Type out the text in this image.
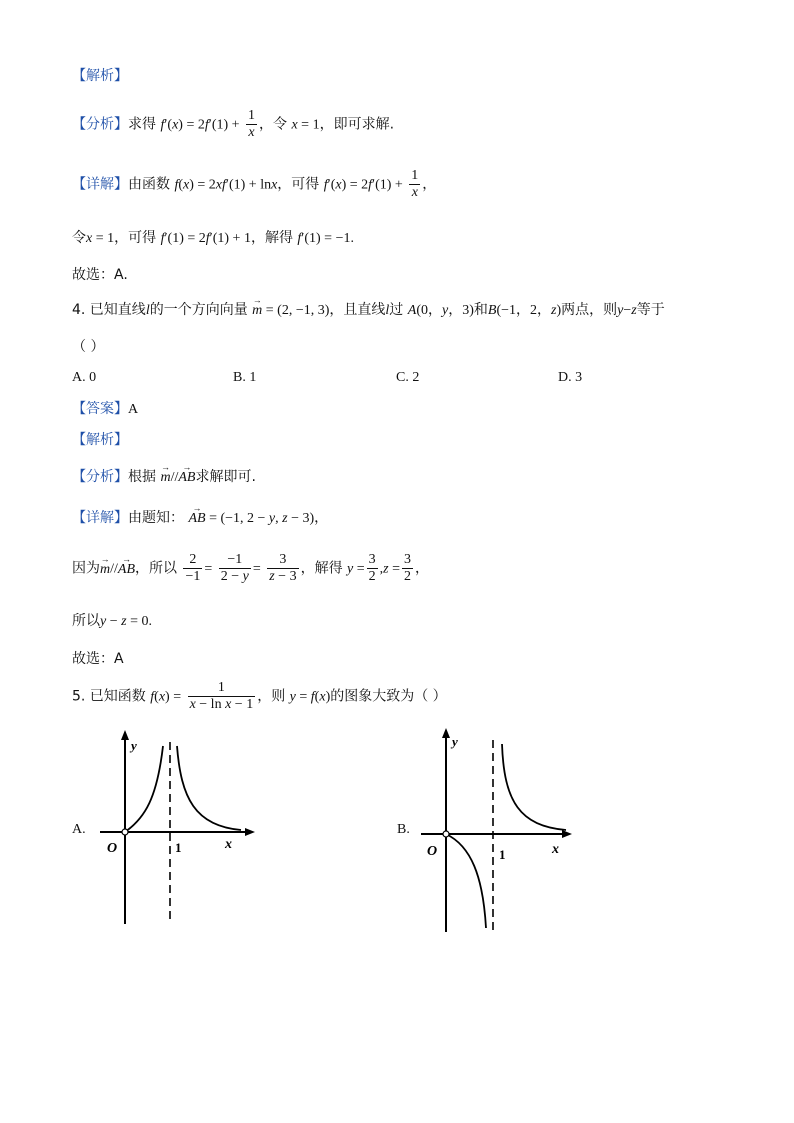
【解析】
【分析】求得 $f'(x) = 2f'(1) + \frac{1}{x}$ ，令 x = 1，即可求解.
【详解】由函数 f(x) = 2xf′(1) + lnx，可得 $f'(x) = 2f'(1) + \frac{1}{x}$ ，
令x = 1，可得 f′(1) = 2f′(1) + 1，解得 f′(1) = −1.
故选：A.
4. 已知直线l的一个方向向量 → m = (2, −1, 3)，且直线l过 A(0，y，3)和B(−1，2，z)两点，则y−z等于
（ ）
A. 0	B. 1	C. 2	D. 3
【答案】A
【解析】
【分析】根据 → m//→ AB求解即可.
【详解】由题知： → AB = (−1, 2 − y, z − 3)，
因为→ m//→ AB，所以 $\frac{2}{-1} = \frac{-1}{2 - y} = \frac{3}{z - 3}$ ，解得 $y = \frac{3}{2} ,z = \frac{3}{2}$ ，
所以y − z = 0.
故选：A
5. 已知函数 $f(x) = \frac{1}{\text{x − ln x − 1}}$ ，则 y = f(x)的图象大致为（ ）
A.
y
x
O	1
B.
y
x
O	1
